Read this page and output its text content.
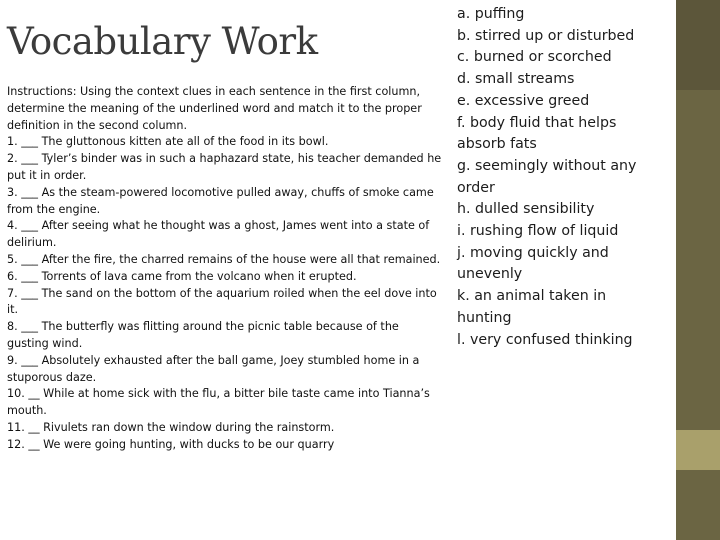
Vocabulary Work

Instructions: Using the context clues in each sentence in the first column, determine the meaning of the underlined word and match it to the proper definition in the second column.

1. ___ The gluttonous kitten ate all of the food in its bowl.

2. ___ Tyler’s binder was in such a haphazard state, his teacher demanded he put it in order.

3. ___ As the steam-powered locomotive pulled away, chuffs of smoke came from the engine.

4. ___ After seeing what he thought was a ghost, James went into a state of delirium.

5. ___ After the fire, the charred remains of the house were all that remained.

6. ___ Torrents of lava came from the volcano when it erupted.

7. ___ The sand on the bottom of the aquarium roiled when the eel dove into it.

8. ___ The butterfly was flitting around the picnic table because of the gusting wind.

9. ___ Absolutely exhausted after the ball game, Joey stumbled home in a stuporous daze.

10. __ While at home sick with the flu, a bitter bile taste came into Tianna’s mouth.

11. __ Rivulets ran down the window during the rainstorm.

12. __ We were going hunting, with ducks to be our quarry

a. puffing
b. stirred up or disturbed
c. burned or scorched
d. small streams
e. excessive greed
f. body fluid that helps absorb fats
g. seemingly without any order
h. dulled sensibility
i. rushing flow of liquid
j. moving quickly and unevenly
k. an animal taken in hunting
l. very confused thinking
